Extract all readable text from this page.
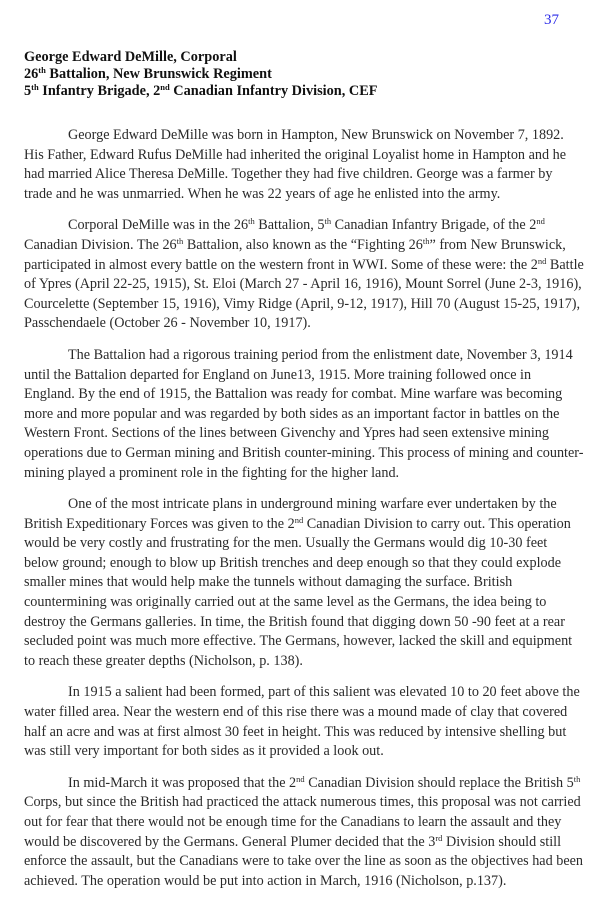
37
George Edward DeMille, Corporal
26th Battalion, New Brunswick Regiment
5th Infantry Brigade, 2nd Canadian Infantry Division, CEF

George Edward DeMille was born in Hampton, New Brunswick on November 7, 1892. His Father, Edward Rufus DeMille had inherited the original Loyalist home in Hampton and he had married Alice Theresa DeMille. Together they had five children. George was a farmer by trade and he was unmarried. When he was 22 years of age he enlisted into the army.

Corporal DeMille was in the 26th Battalion, 5th Canadian Infantry Brigade, of the 2nd Canadian Division. The 26th Battalion, also known as the “Fighting 26th” from New Brunswick, participated in almost every battle on the western front in WWI. Some of these were: the 2nd Battle of Ypres (April 22-25, 1915), St. Eloi (March 27 - April 16, 1916), Mount Sorrel (June 2-3, 1916), Courcelette (September 15, 1916), Vimy Ridge (April, 9-12, 1917), Hill 70 (August 15-25, 1917), Passchendaele (October 26 - November 10, 1917).

The Battalion had a rigorous training period from the enlistment date, November 3, 1914 until the Battalion departed for England on June13, 1915. More training followed once in England. By the end of 1915, the Battalion was ready for combat. Mine warfare was becoming more and more popular and was regarded by both sides as an important factor in battles on the Western Front. Sections of the lines between Givenchy and Ypres had seen extensive mining operations due to German mining and British counter-mining. This process of mining and counter-mining played a prominent role in the fighting for the higher land.

One of the most intricate plans in underground mining warfare ever undertaken by the British Expeditionary Forces was given to the 2nd Canadian Division to carry out. This operation would be very costly and frustrating for the men. Usually the Germans would dig 10-30 feet below ground; enough to blow up British trenches and deep enough so that they could explode smaller mines that would help make the tunnels without damaging the surface. British countermining was originally carried out at the same level as the Germans, the idea being to destroy the Germans galleries. In time, the British found that digging down 50 -90 feet at a rear secluded point was much more effective. The Germans, however, lacked the skill and equipment to reach these greater depths (Nicholson, p. 138).

In 1915 a salient had been formed, part of this salient was elevated 10 to 20 feet above the water filled area. Near the western end of this rise there was a mound made of clay that covered half an acre and was at first almost 30 feet in height. This was reduced by intensive shelling but was still very important for both sides as it provided a look out.

In mid-March it was proposed that the 2nd Canadian Division should replace the British 5th Corps, but since the British had practiced the attack numerous times, this proposal was not carried out for fear that there would not be enough time for the Canadians to learn the assault and they would be discovered by the Germans. General Plumer decided that the 3rd Division should still enforce the assault, but the Canadians were to take over the line as soon as the objectives had been achieved. The operation would be put into action in March, 1916 (Nicholson, p.137).
